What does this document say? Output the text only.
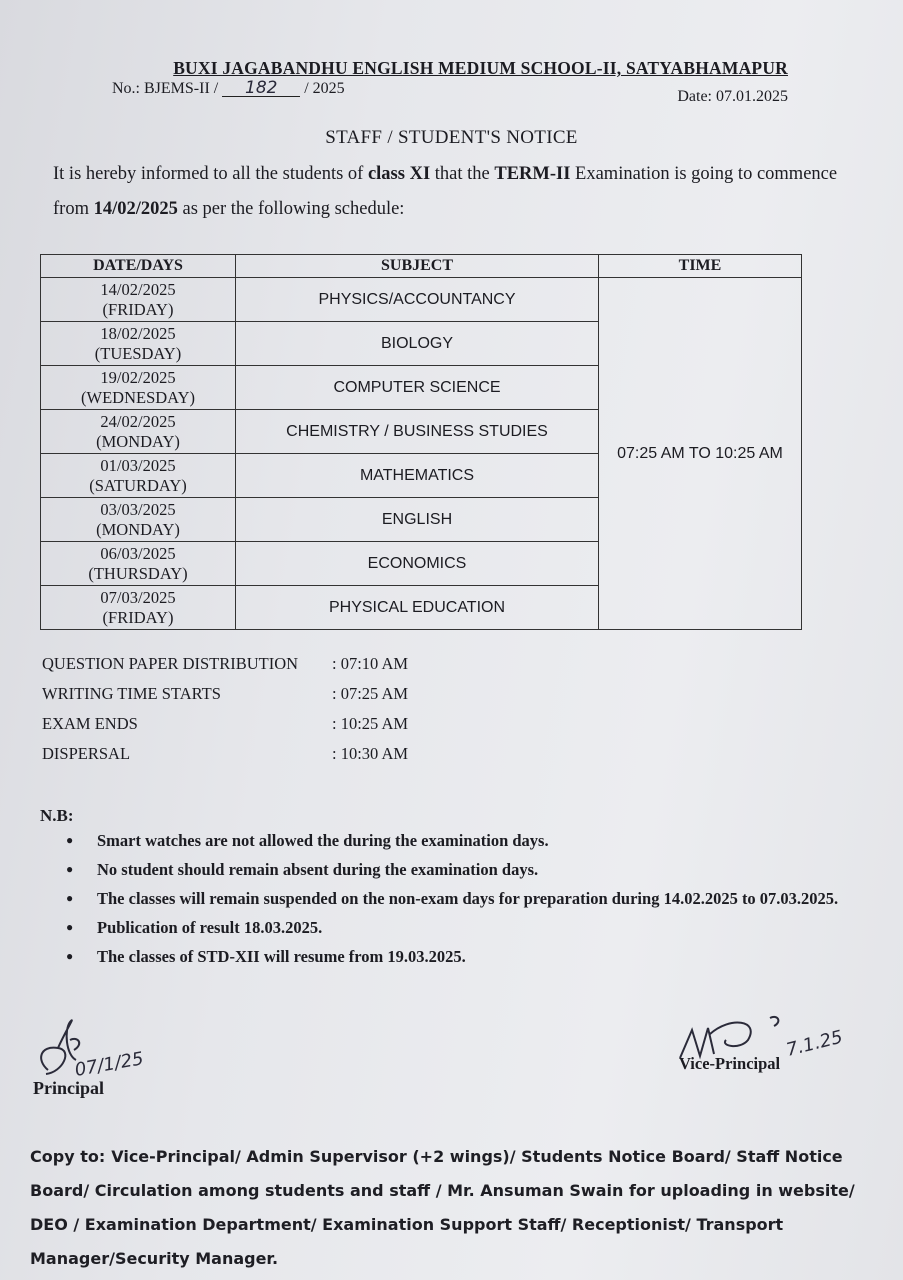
BUXI JAGABANDHU ENGLISH MEDIUM SCHOOL-II, SATYABHAMAPUR
No.: BJEMS-II / 182 / 2025	Date: 07.01.2025
STAFF / STUDENT'S NOTICE
It is hereby informed to all the students of class XI that the TERM-II Examination is going to commence from 14/02/2025 as per the following schedule:
DATE/DAYS	SUBJECT	TIME

14/02/2025
(FRIDAY)	PHYSICS/ACCOUNTANCY	07:25 AM TO 10:25 AM

18/02/2025
(TUESDAY)	BIOLOGY	

19/02/2025
(WEDNESDAY)	COMPUTER SCIENCE	

24/02/2025
(MONDAY)	CHEMISTRY / BUSINESS STUDIES	

01/03/2025
(SATURDAY)	MATHEMATICS	

03/03/2025
(MONDAY)	ENGLISH	

06/03/2025
(THURSDAY)	ECONOMICS	

07/03/2025
(FRIDAY)	PHYSICAL EDUCATION	
QUESTION PAPER DISTRIBUTION : 07:10 AM
WRITING TIME STARTS	: 07:25 AM
EXAM ENDS	: 10:25 AM
DISPERSAL	: 10:30 AM
N.B:
● Smart watches are not allowed the during the examination days.
● No student should remain absent during the examination days.
● The classes will remain suspended on the non-exam days for preparation during 14.02.2025 to 07.03.2025.
● Publication of result 18.03.2025.
● The classes of STD-XII will resume from 19.03.2025.
07/1/25
Principal
7.1.25
Vice-Principal
Copy to: Vice-Principal/ Admin Supervisor (+2 wings)/ Students Notice Board/ Staff Notice Board/ Circulation among students and staff / Mr. Ansuman Swain for uploading in website/ DEO / Examination Department/ Examination Support Staff/ Receptionist/ Transport Manager/Security Manager.
